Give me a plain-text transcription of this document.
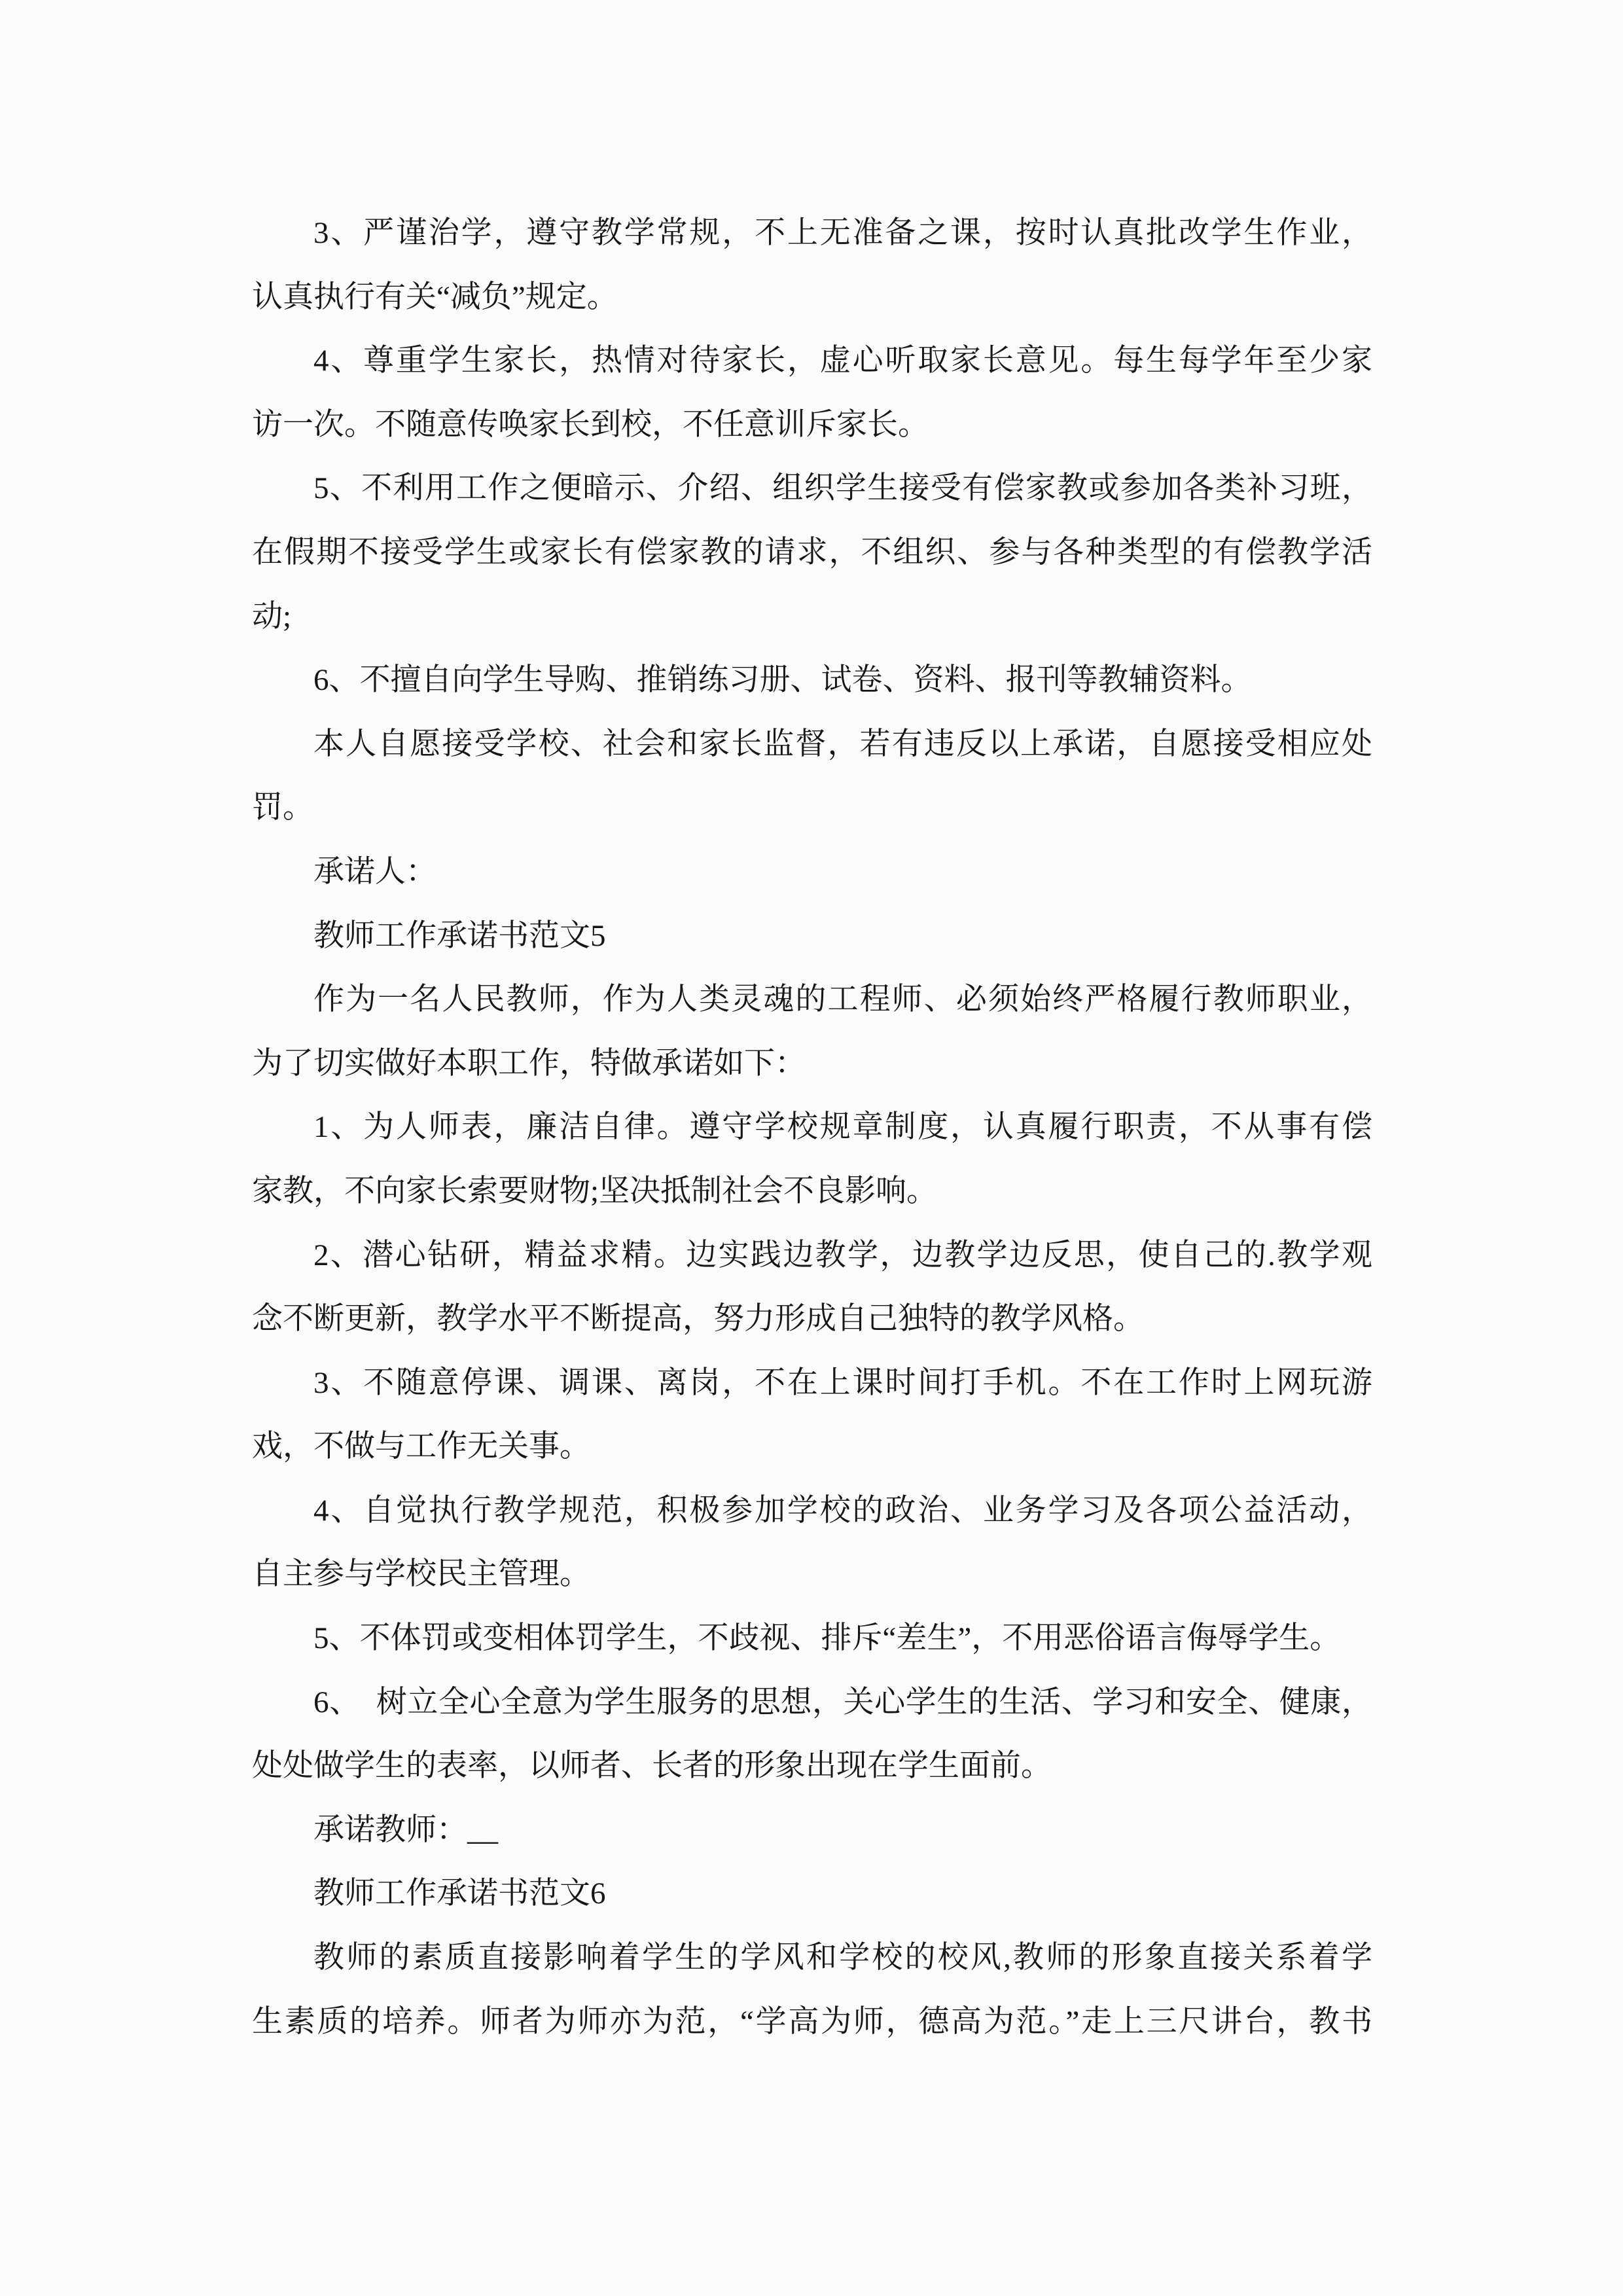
3、严谨治学，遵守教学常规，不上无准备之课，按时认真批改学生作业，
认真执行有关“减负”规定。
4、尊重学生家长，热情对待家长，虚心听取家长意见。每生每学年至少家
访一次。不随意传唤家长到校，不任意训斥家长。
5、不利用工作之便暗示、介绍、组织学生接受有偿家教或参加各类补习班，
在假期不接受学生或家长有偿家教的请求，不组织、参与各种类型的有偿教学活
动;
6、不擅自向学生导购、推销练习册、试卷、资料、报刊等教辅资料。
本人自愿接受学校、社会和家长监督，若有违反以上承诺，自愿接受相应处
罚。
承诺人：
教师工作承诺书范文5
作为一名人民教师，作为人类灵魂的工程师、必须始终严格履行教师职业，
为了切实做好本职工作，特做承诺如下：
1、为人师表，廉洁自律。遵守学校规章制度，认真履行职责，不从事有偿
家教，不向家长索要财物;坚决抵制社会不良影响。
2、潜心钻研，精益求精。边实践边教学，边教学边反思，使自己的.教学观
念不断更新，教学水平不断提高，努力形成自己独特的教学风格。
3、不随意停课、调课、离岗，不在上课时间打手机。不在工作时上网玩游
戏，不做与工作无关事。
4、自觉执行教学规范，积极参加学校的政治、业务学习及各项公益活动，
自主参与学校民主管理。
5、不体罚或变相体罚学生，不歧视、排斥“差生”，不用恶俗语言侮辱学生。
6、　树立全心全意为学生服务的思想，关心学生的生活、学习和安全、健康，
处处做学生的表率，以师者、长者的形象出现在学生面前。
承诺教师：__
教师工作承诺书范文6
教师的素质直接影响着学生的学风和学校的校风,教师的形象直接关系着学
生素质的培养。师者为师亦为范，“学高为师，德高为范。”走上三尺讲台，教书
